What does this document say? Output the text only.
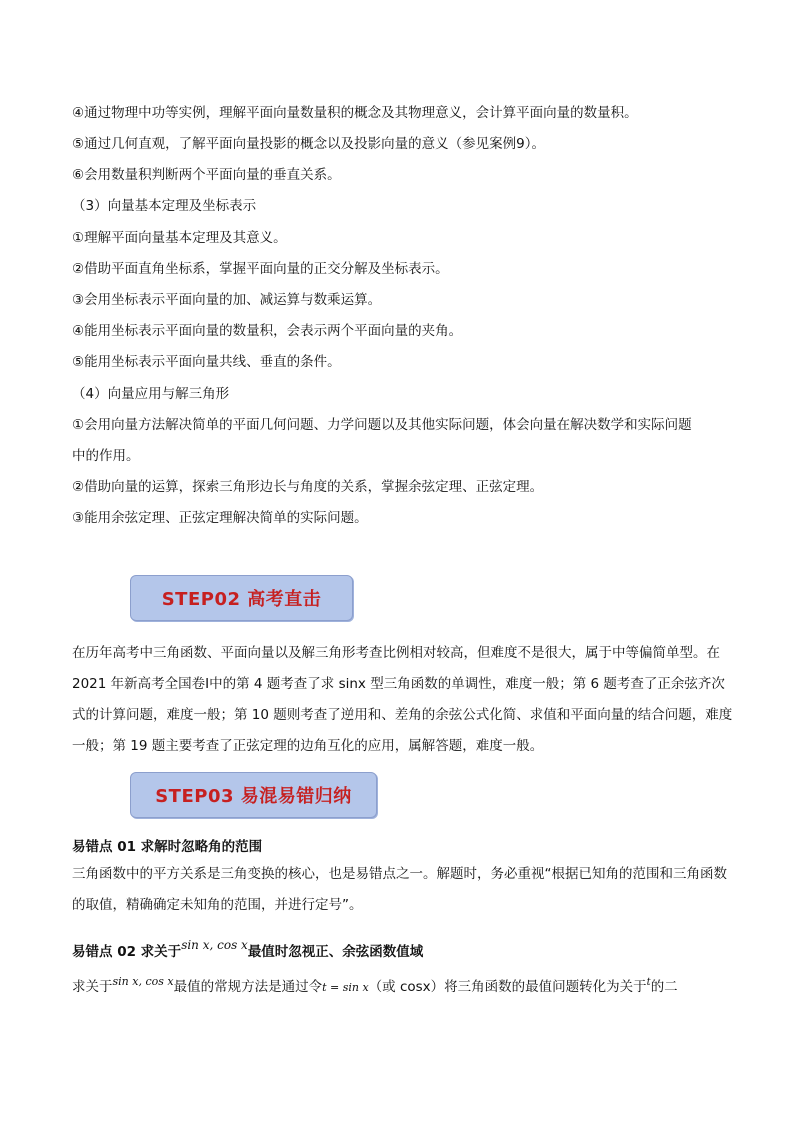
④通过物理中功等实例，理解平面向量数量积的概念及其物理意义，会计算平面向量的数量积。
⑤通过几何直观，了解平面向量投影的概念以及投影向量的意义（参见案例9）。
⑥会用数量积判断两个平面向量的垂直关系。
（3）向量基本定理及坐标表示
①理解平面向量基本定理及其意义。
②借助平面直角坐标系，掌握平面向量的正交分解及坐标表示。
③会用坐标表示平面向量的加、减运算与数乘运算。
④能用坐标表示平面向量的数量积，会表示两个平面向量的夹角。
⑤能用坐标表示平面向量共线、垂直的条件。
（4）向量应用与解三角形
①会用向量方法解决简单的平面几何问题、力学问题以及其他实际问题，体会向量在解决数学和实际问题
中的作用。
②借助向量的运算，探索三角形边长与角度的关系，掌握余弦定理、正弦定理。
③能用余弦定理、正弦定理解决简单的实际问题。
STEP02 高考直击
在历年高考中三角函数、平面向量以及解三角形考查比例相对较高，但难度不是很大，属于中等偏简单型。在 2021 年新高考全国卷Ⅰ中的第 4 题考查了求 sinx 型三角函数的单调性，难度一般；第 6 题考查了正余弦齐次式的计算问题，难度一般；第 10 题则考查了逆用和、差角的余弦公式化简、求值和平面向量的结合问题，难度一般；第 19 题主要考查了正弦定理的边角互化的应用，属解答题，难度一般。
STEP03 易混易错归纳
易错点 01 求解时忽略角的范围
三角函数中的平方关系是三角变换的核心，也是易错点之一。解题时，务必重视“根据已知角的范围和三角函数的取值，精确确定未知角的范围，并进行定号”。
易错点 02 求关于sin x, cos x最值时忽视正、余弦函数值域
求关于$^{sin x, cos x}$最值的常规方法是通过令t = sin x（或 cosx）将三角函数的最值问题转化为关于$^t$的二
